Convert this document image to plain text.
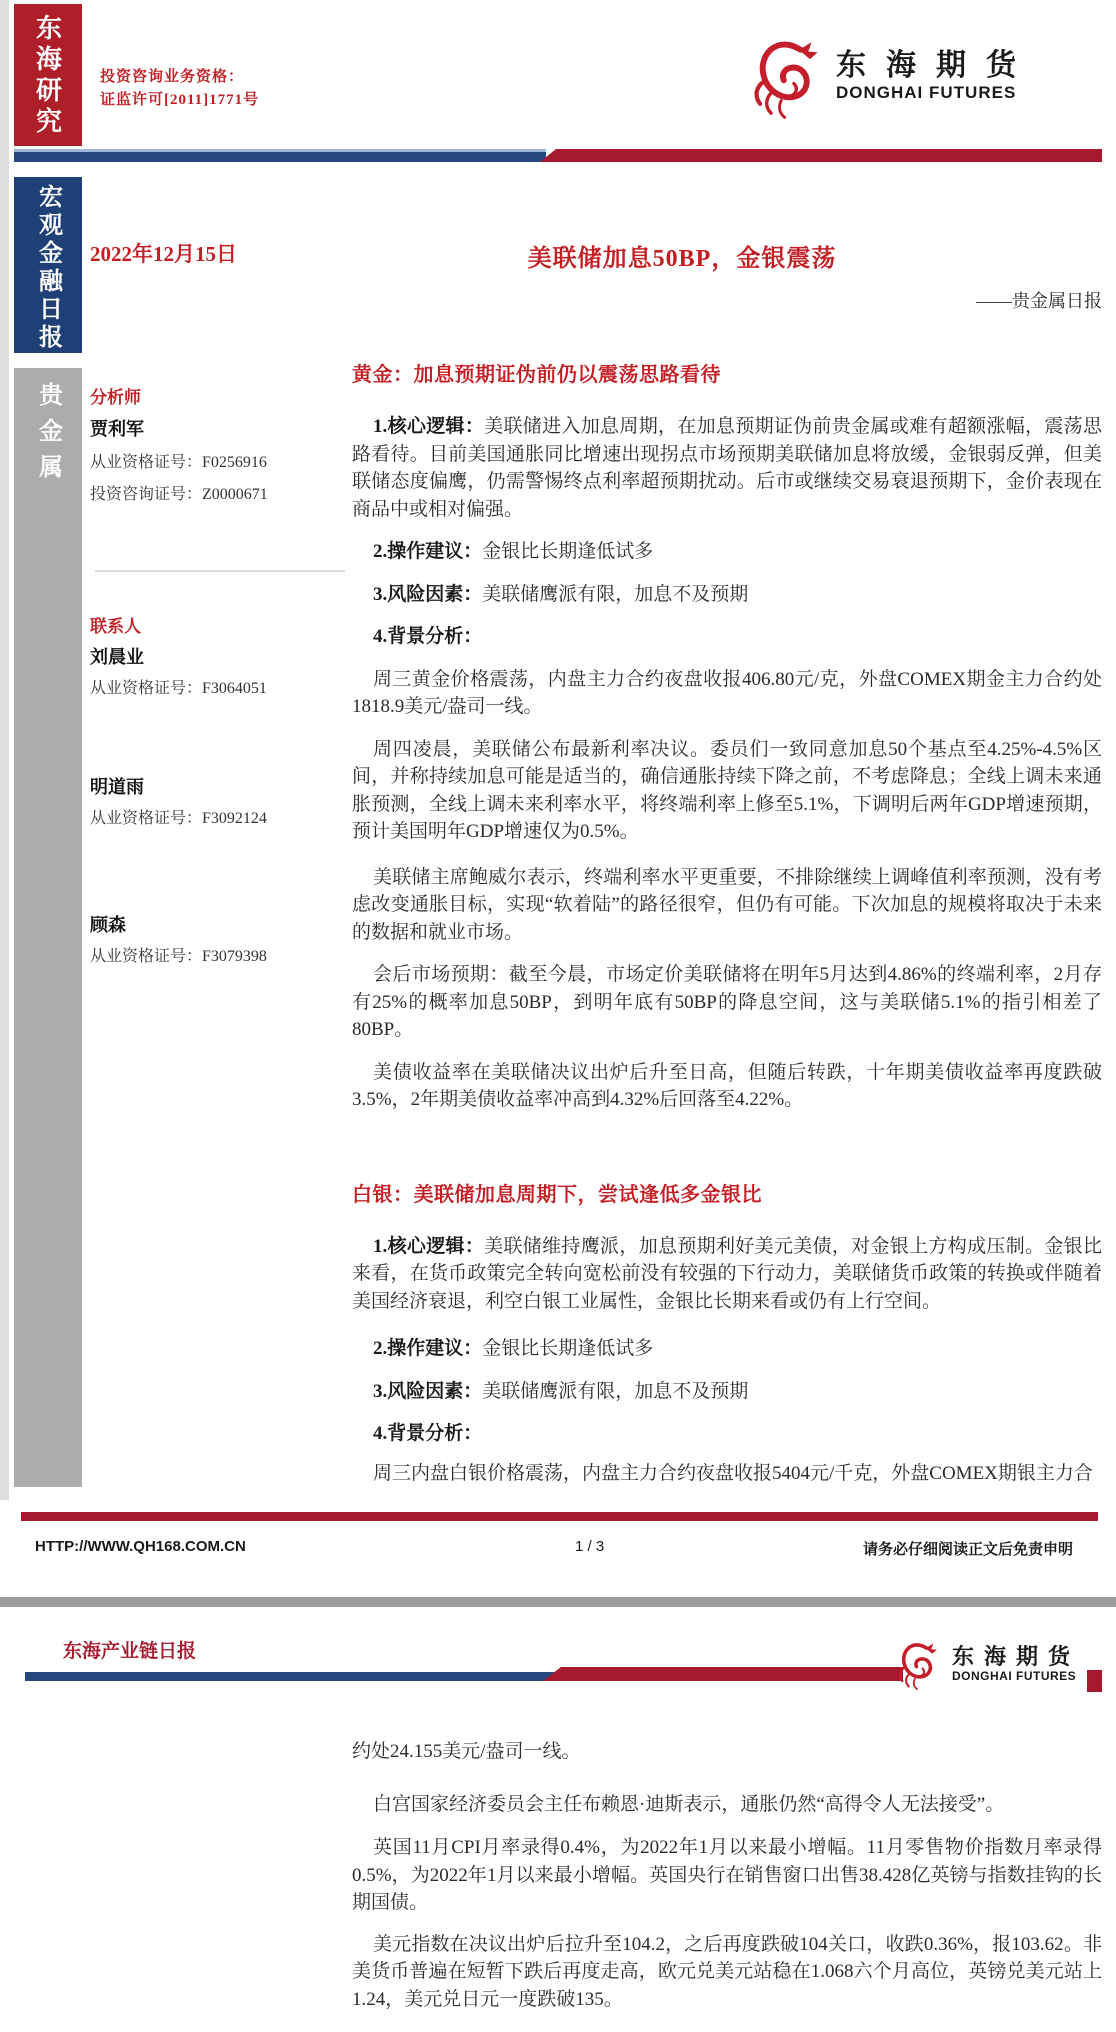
东海研究	投资咨询业务资格：
证监许可[2011]1771号
东海期货
DONGHAI FUTURES
宏观金融日报
贵金属
2022年12月15日	美联储加息50BP，金银震荡
——贵金属日报
分析师
贾利军
从业资格证号：F0256916
投资咨询证号：Z0000671
联系人
刘晨业
从业资格证号：F3064051
明道雨
从业资格证号：F3092124
顾森
从业资格证号：F3079398
黄金：加息预期证伪前仍以震荡思路看待

1.核心逻辑：美联储进入加息周期，在加息预期证伪前贵金属或难有超额涨幅，震荡思路看待。目前美国通胀同比增速出现拐点市场预期美联储加息将放缓，金银弱反弹，但美联储态度偏鹰，仍需警惕终点利率超预期扰动。后市或继续交易衰退预期下，金价表现在商品中或相对偏强。

2.操作建议：金银比长期逢低试多

3.风险因素：美联储鹰派有限，加息不及预期

4.背景分析：

周三黄金价格震荡，内盘主力合约夜盘收报406.80元/克，外盘COMEX期金主力合约处1818.9美元/盎司一线。

周四凌晨，美联储公布最新利率决议。委员们一致同意加息50个基点至4.25%-4.5%区间，并称持续加息可能是适当的，确信通胀持续下降之前，不考虑降息；全线上调未来通胀预测，全线上调未来利率水平，将终端利率上修至5.1%，下调明后两年GDP增速预期，预计美国明年GDP增速仅为0.5%。

美联储主席鲍威尔表示，终端利率水平更重要，不排除继续上调峰值利率预测，没有考虑改变通胀目标，实现“软着陆”的路径很窄，但仍有可能。下次加息的规模将取决于未来的数据和就业市场。

会后市场预期：截至今晨，市场定价美联储将在明年5月达到4.86%的终端利率，2月存有25%的概率加息50BP，到明年底有50BP的降息空间，这与美联储5.1%的指引相差了80BP。

美债收益率在美联储决议出炉后升至日高，但随后转跌，十年期美债收益率再度跌破3.5%，2年期美债收益率冲高到4.32%后回落至4.22%。

白银：美联储加息周期下，尝试逢低多金银比

1.核心逻辑：美联储维持鹰派，加息预期利好美元美债，对金银上方构成压制。金银比来看，在货币政策完全转向宽松前没有较强的下行动力，美联储货币政策的转换或伴随着美国经济衰退，利空白银工业属性，金银比长期来看或仍有上行空间。

2.操作建议：金银比长期逢低试多

3.风险因素：美联储鹰派有限，加息不及预期

4.背景分析：

周三内盘白银价格震荡，内盘主力合约夜盘收报5404元/千克，外盘COMEX期银主力合

HTTP://WWW.QH168.COM.CN	1 / 3	请务必仔细阅读正文后免责申明
东海产业链日报	东海期货
DONGHAI FUTURES

约处24.155美元/盎司一线。

白宫国家经济委员会主任布赖恩·迪斯表示，通胀仍然“高得令人无法接受”。

英国11月CPI月率录得0.4%，为2022年1月以来最小增幅。11月零售物价指数月率录得0.5%，为2022年1月以来最小增幅。英国央行在销售窗口出售38.428亿英镑与指数挂钩的长期国债。

美元指数在决议出炉后拉升至104.2，之后再度跌破104关口，收跌0.36%，报103.62。非美货币普遍在短暂下跌后再度走高，欧元兑美元站稳在1.068六个月高位，英镑兑美元站上1.24，美元兑日元一度跌破135。
